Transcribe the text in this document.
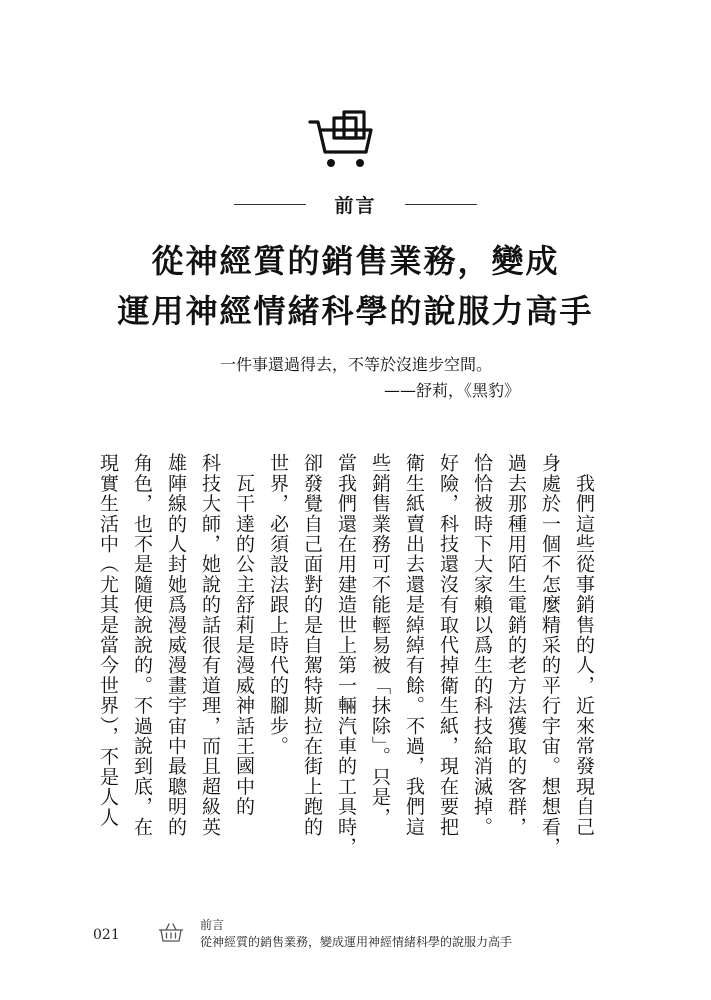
前言
從神經質的銷售業務，變成
運用神經情緒科學的說服力高手
一件事還過得去，不等於沒進步空間。
——舒莉，《黑豹》
　我們這些從事銷售的人，近來常發現自己
身處於一個不怎麼精采的平行宇宙。想想看，
過去那種用陌生電銷的老方法獲取的客群，
恰恰被時下大家賴以爲生的科技給消滅掉。
好險，科技還沒有取代掉衛生紙，現在要把
衛生紙賣出去還是綽綽有餘。不過，我們這
些銷售業務可不能輕易被「抹除」。只是，
當我們還在用建造世上第一輛汽車的工具時，
卻發覺自己面對的是自駕特斯拉在街上跑的
世界，必須設法跟上時代的腳步。
　瓦干達的公主舒莉是漫威神話王國中的
科技大師，她說的話很有道理，而且超級英
雄陣線的人封她爲漫威漫畫宇宙中最聰明的
角色，也不是隨便說說的。不過說到底，在
現實生活中（尤其是當今世界），不是人人
021
前言
從神經質的銷售業務，變成運用神經情緒科學的說服力高手
